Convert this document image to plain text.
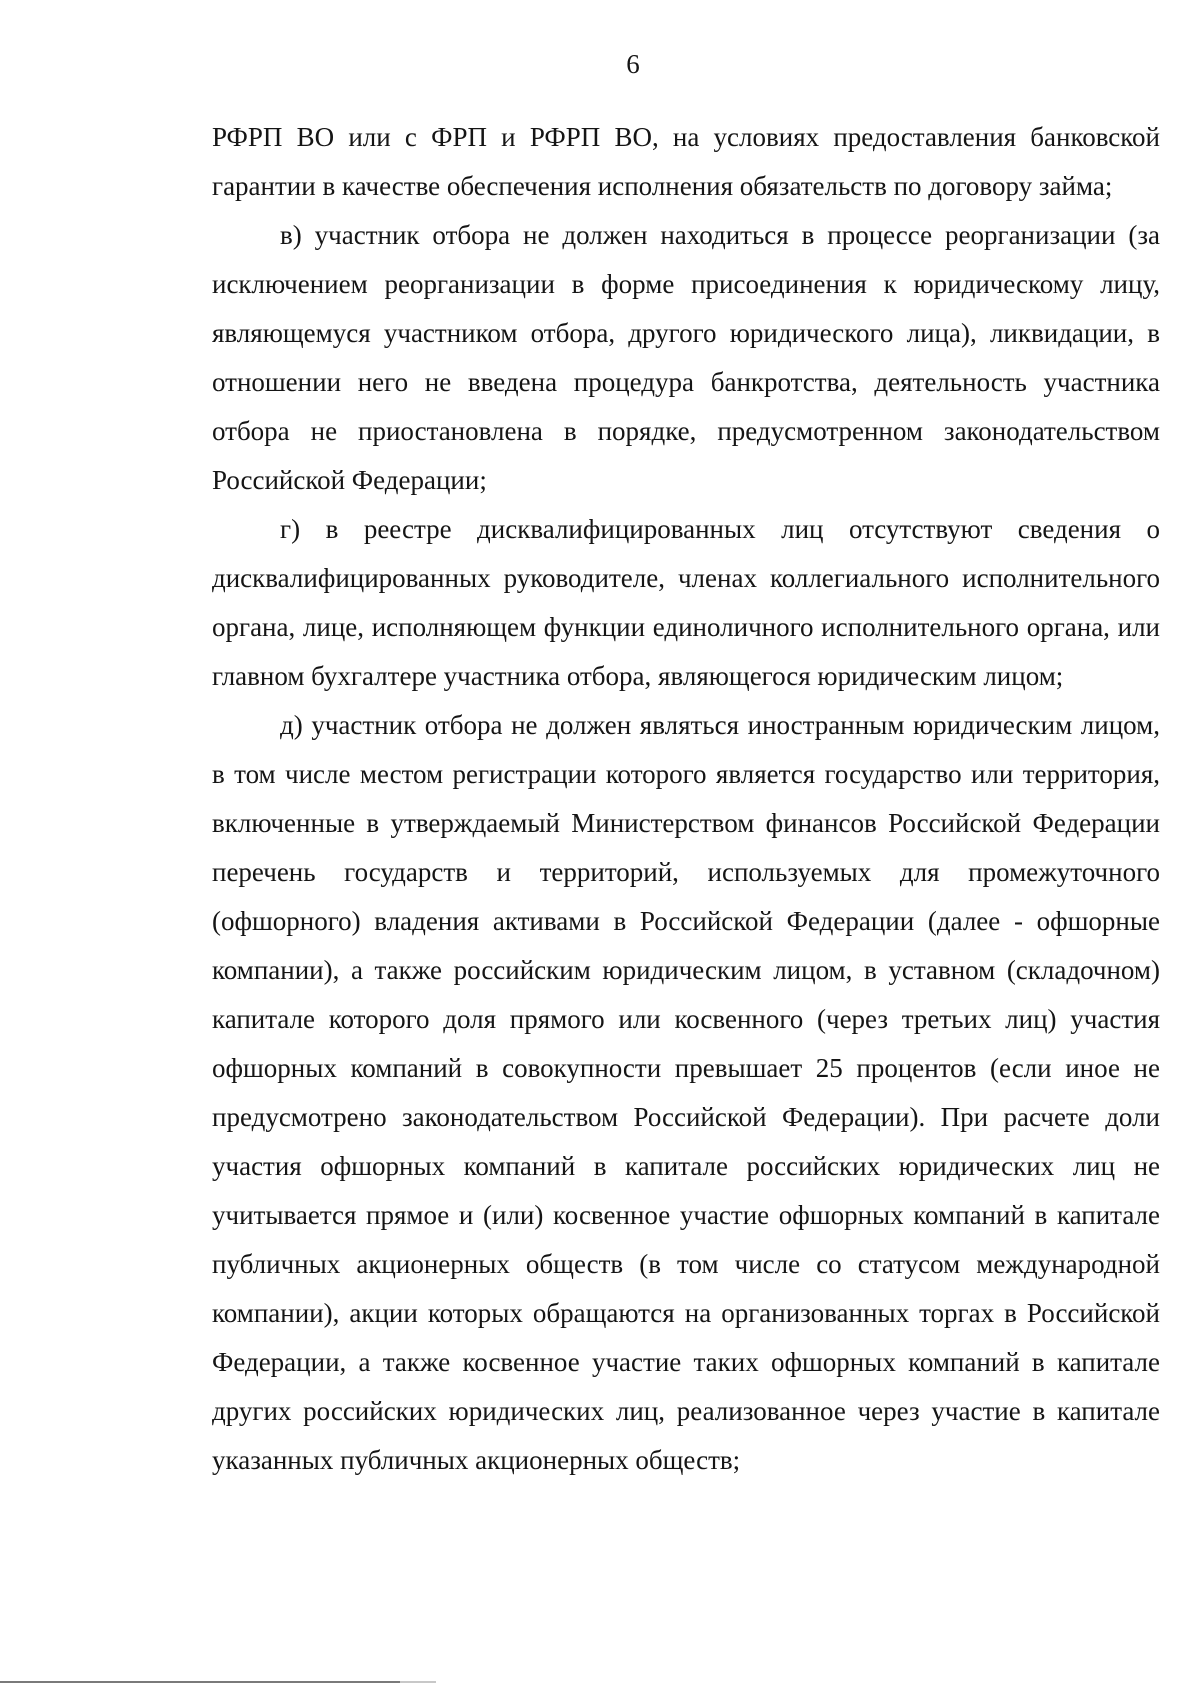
6

РФРП ВО или с ФРП и РФРП ВО, на условиях предоставления банковской гарантии в качестве обеспечения исполнения обязательств по договору займа;

в) участник отбора не должен находиться в процессе реорганизации (за исключением реорганизации в форме присоединения к юридическому лицу, являющемуся участником отбора, другого юридического лица), ликвидации, в отношении него не введена процедура банкротства, деятельность участника отбора не приостановлена в порядке, предусмотренном законодательством Российской Федерации;

г) в реестре дисквалифицированных лиц отсутствуют сведения о дисквалифицированных руководителе, членах коллегиального исполнительного органа, лице, исполняющем функции единоличного исполнительного органа, или главном бухгалтере участника отбора, являющегося юридическим лицом;

д) участник отбора не должен являться иностранным юридическим лицом, в том числе местом регистрации которого является государство или территория, включенные в утверждаемый Министерством финансов Российской Федерации перечень государств и территорий, используемых для промежуточного (офшорного) владения активами в Российской Федерации (далее - офшорные компании), а также российским юридическим лицом, в уставном (складочном) капитале которого доля прямого или косвенного (через третьих лиц) участия офшорных компаний в совокупности превышает 25 процентов (если иное не предусмотрено законодательством Российской Федерации). При расчете доли участия офшорных компаний в капитале российских юридических лиц не учитывается прямое и (или) косвенное участие офшорных компаний в капитале публичных акционерных обществ (в том числе со статусом международной компании), акции которых обращаются на организованных торгах в Российской Федерации, а также косвенное участие таких офшорных компаний в капитале других российских юридических лиц, реализованное через участие в капитале указанных публичных акционерных обществ;
